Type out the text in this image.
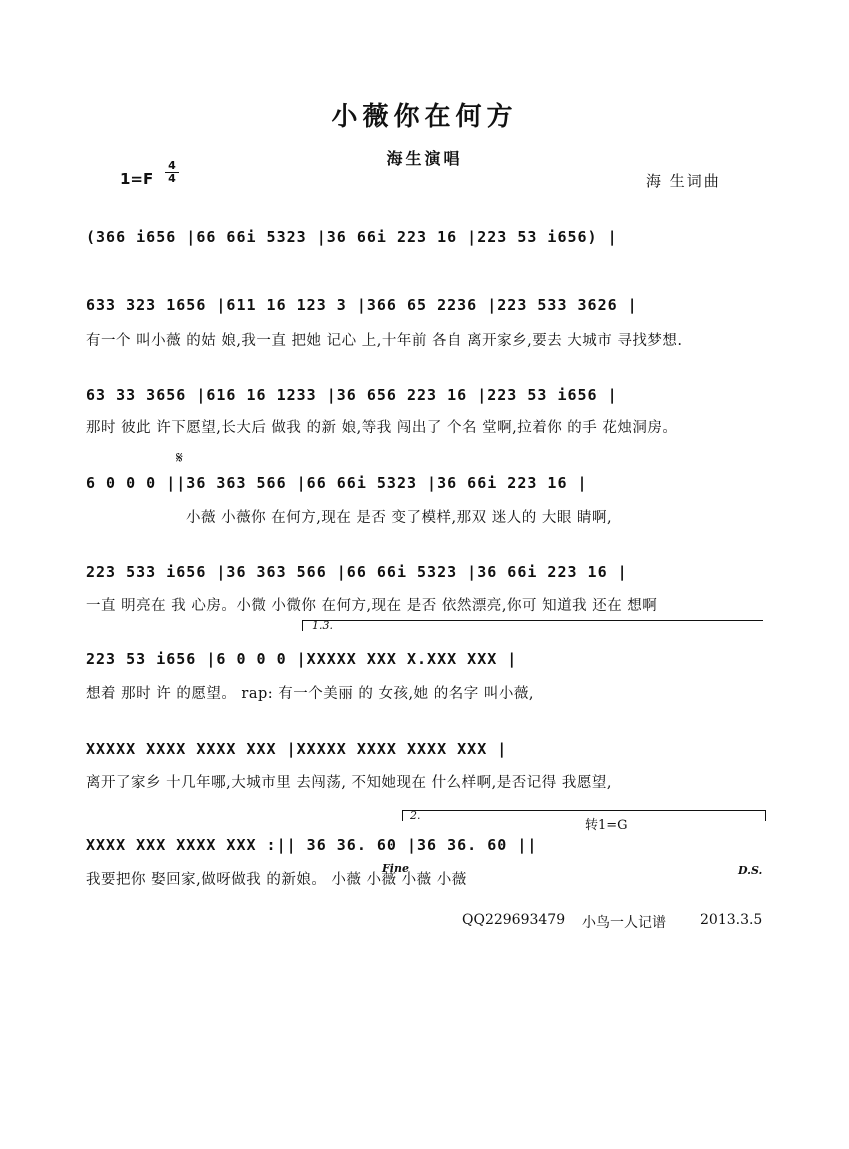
小薇你在何方
海生演唱
$1=F \frac{4}{4}$	海 生词曲
(366 i656 |66 66i 5323 |36 66i 223 16 |223 53 i656) |
633 323 1656 |611 16 123 3 |366 65 2236 |223 533 3626 |
有一个 叫小薇 的姑 娘,我一直 把她 记心 上,十年前 各自 离开家乡,要去 大城市 寻找梦想.
63 33 3656 |616 16 1233 |36 656 223 16 |223 53 i656 |
那时 彼此 许下愿望,长大后 做我 的新 娘,等我 闯出了 个名 堂啊,拉着你 的手 花烛洞房。
𝄋
6 0 0 0 ||36 363 566 |66 66i 5323 |36 66i 223 16 |
小薇 小薇你 在何方,现在 是否 变了模样,那双 迷人的 大眼 睛啊,
223 533 i656 |36 363 566 |66 66i 5323 |36 66i 223 16 |
一直 明亮在 我 心房。小微 小微你 在何方,现在 是否 依然漂亮,你可 知道我 还在 想啊
1.3.
223 53 i656 |6 0 0 0 |XXXXX XXX X.XXX XXX |
想着 那时 许 的愿望。 rap: 有一个美丽 的 女孩,她 的名字 叫小薇,
XXXXX XXXX XXXX XXX |XXXXX XXXX XXXX XXX |
离开了家乡 十几年哪,大城市里 去闯荡, 不知她现在 什么样啊,是否记得 我愿望,
2.
转1=G
XXXX XXX XXXX XXX :|| 36 36. 60 |36 36. 60 ||
我要把你 娶回家,做呀做我 的新娘。 小薇 小薇 小薇 小薇
Fine	D.S.
QQ229693479 小鸟一人记谱 2013.3.5
